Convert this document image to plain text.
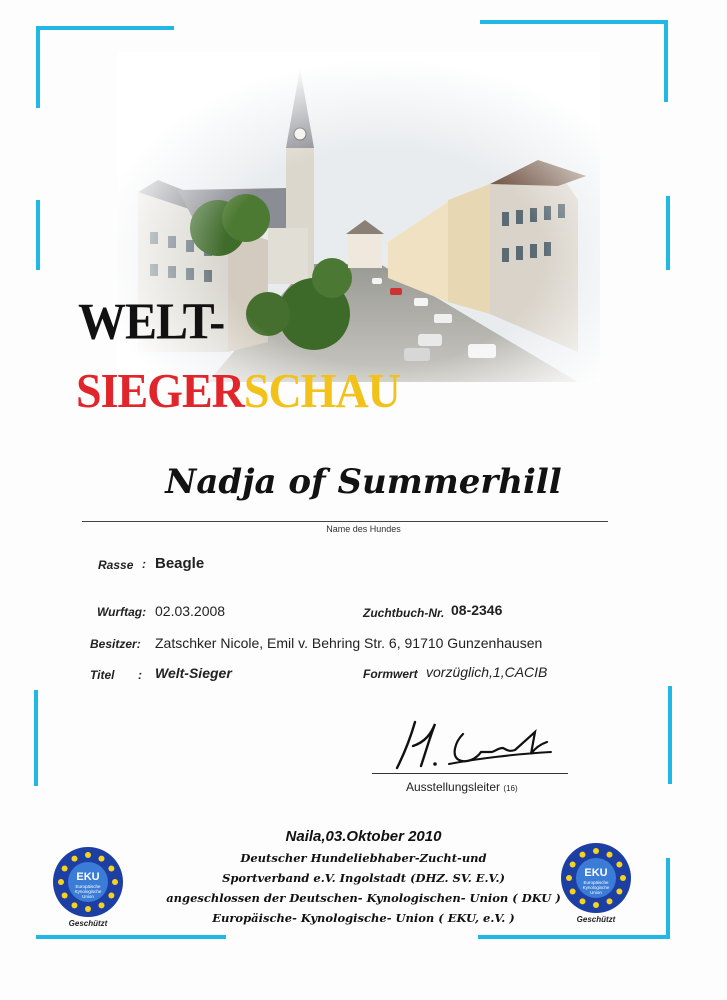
WELT-

SIEGERSCHAU

Nadja of Summerhill

Name des Hundes
Rasse : Beagle
Wurftag: 02.03.2008	Zuchtbuch-Nr. 08-2346
Besitzer: Zatschker Nicole, Emil v. Behring Str. 6, 91710 Gunzenhausen
Titel : Welt-Sieger	Formwert vorzüglich,1,CACIB
Ausstellungsleiter (16)

Naila,03.Oktober 2010

Deutscher Hundeliebhaber-Zucht-und

Sportverband e.V. Ingolstadt (DHZ. SV. E.V.)

angeschlossen der Deutschen- Kynologischen- Union ( DKU )

Europäische- Kynologische- Union ( EKU, e.V. )

EKU
Europäische
Kynologische
Union
Geschützt
EKU
Europäische
Kynologische
Union
Geschützt
